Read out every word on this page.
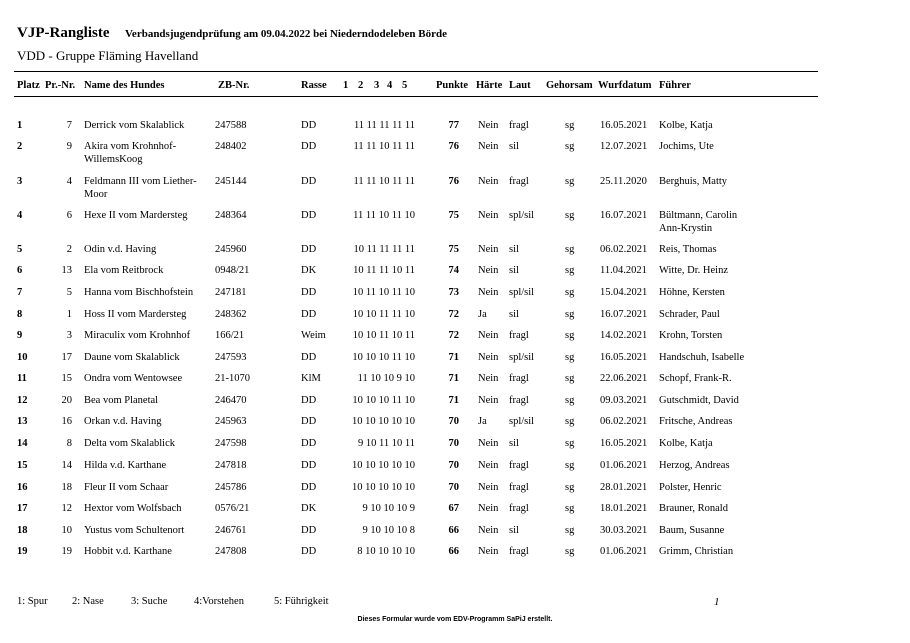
VJP-Rangliste Verbandsjugendprüfung am 09.04.2022 bei Niederndodeleben Börde
VDD - Gruppe Fläming Havelland
Platz Pr.-Nr. Name des Hundes	ZB-Nr.	Rasse 1 2 3 4 5	Punkte Härte Laut Gehorsam Wurfdatum Führer
1	7 Derrick vom Skalablick	247588	DD	11 11 11 11 11	77 Nein fragl	sg 16.05.2021 Kolbe, Katja
2	9 Akira vom Krohnhof-	248402	DD	11 11 10 11 11	76 Nein sil	sg 12.07.2021 Jochims, Ute
WillemsKoog
3	4 Feldmann III vom Liether- 245144	DD	11 11 10 11 11	76 Nein fragl	sg 25.11.2020 Berghuis, Matty
Moor
4	6 Hexe II vom Mardersteg	248364	DD	11 11 10 11 10	75 Nein spl/sil	sg 16.07.2021 Bültmann, Carolin
Ann-Krystin
5	2 Odin v.d. Having	245960	DD	10 11 11 11 11	75 Nein sil	sg 06.02.2021 Reis, Thomas
6	13 Ela vom Reitbrock	0948/21	DK	10 11 11 10 11	74 Nein sil	sg 11.04.2021 Witte, Dr. Heinz
7	5 Hanna vom Bischhofstein 247181	DD	10 11 10 11 10	73 Nein spl/sil	sg 15.04.2021 Höhne, Kersten
8	1 Hoss II vom Mardersteg	248362	DD	10 10 11 11 10	72 Ja sil	sg 16.07.2021 Schrader, Paul
9	3 Miraculix vom Krohnhof 166/21	Weim	10 10 11 10 11	72 Nein fragl	sg 14.02.2021 Krohn, Torsten
10	17 Daune vom Skalablick	247593	DD	10 10 10 11 10	71 Nein spl/sil	sg 16.05.2021 Handschuh, Isabelle
11	15 Ondra vom Wentowsee	21-1070	KlM	11 10 10 9 10	71 Nein fragl	sg 22.06.2021 Schopf, Frank-R.
12	20 Bea vom Planetal	246470	DD	10 10 10 11 10	71 Nein fragl	sg 09.03.2021 Gutschmidt, David
13	16 Orkan v.d. Having	245963	DD	10 10 10 10 10	70 Ja spl/sil	sg 06.02.2021 Fritsche, Andreas
14	8 Delta vom Skalablick	247598	DD	9 10 11 10 11	70 Nein sil	sg 16.05.2021 Kolbe, Katja
15	14 Hilda v.d. Karthane	247818	DD	10 10 10 10 10	70 Nein fragl	sg 01.06.2021 Herzog, Andreas
16	18 Fleur II vom Schaar	245786	DD	10 10 10 10 10	70 Nein fragl	sg 28.01.2021 Polster, Henric
17	12 Hextor vom Wolfsbach	0576/21	DK	9 10 10 10 9	67 Nein fragl	sg 18.01.2021 Brauner, Ronald
18	10 Yustus vom Schultenort	246761	DD	9 10 10 10 8	66 Nein sil	sg 30.03.2021 Baum, Susanne
19	19 Hobbit v.d. Karthane	247808	DD	8 10 10 10 10	66 Nein fragl	sg 01.06.2021 Grimm, Christian
1: Spur 2: Nase	3: Suche	4:Vorstehen	5: Führigkeit	1
Dieses Formular wurde vom EDV-Programm SaPiJ erstellt.
